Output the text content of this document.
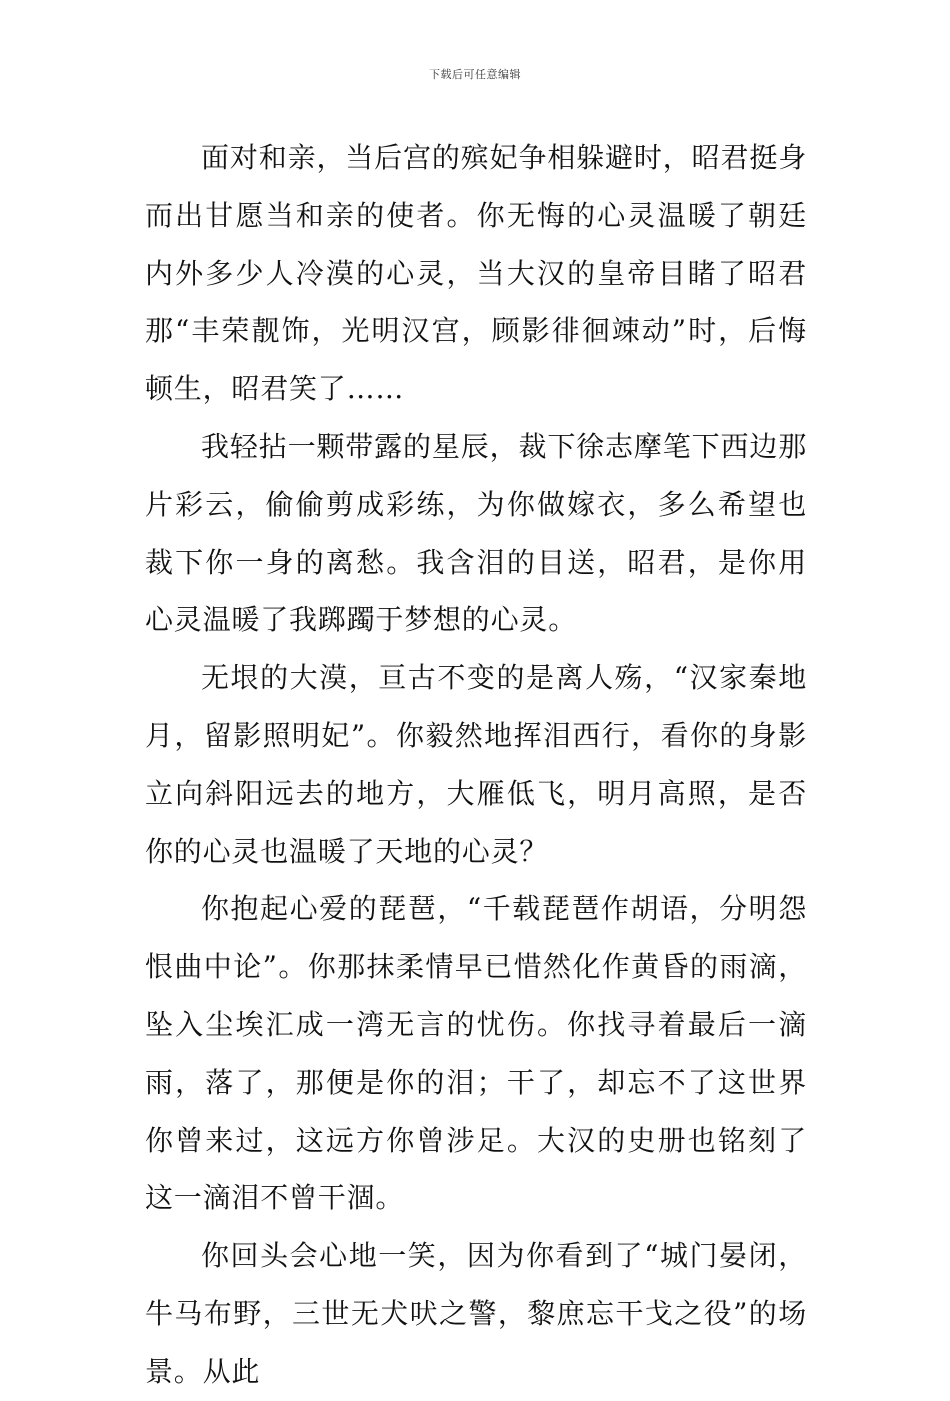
下载后可任意编辑

面对和亲，当后宫的殡妃争相躲避时，昭君挺身而出甘愿当和亲的使者。你无悔的心灵温暖了朝廷内外多少人冷漠的心灵，当大汉的皇帝目睹了昭君那“丰荣靓饰，光明汉宫，顾影徘徊竦动”时，后悔顿生，昭君笑了……

我轻拈一颗带露的星辰，裁下徐志摩笔下西边那片彩云，偷偷剪成彩练，为你做嫁衣，多么希望也裁下你一身的离愁。我含泪的目送，昭君，是你用心灵温暖了我踯躅于梦想的心灵。

无垠的大漠，亘古不变的是离人殇，“汉家秦地月，留影照明妃”。你毅然地挥泪西行，看你的身影立向斜阳远去的地方，大雁低飞，明月高照，是否你的心灵也温暖了天地的心灵？

你抱起心爱的琵琶，“千载琵琶作胡语，分明怨恨曲中论”。你那抹柔情早已惜然化作黄昏的雨滴，坠入尘埃汇成一湾无言的忧伤。你找寻着最后一滴雨，落了，那便是你的泪；干了，却忘不了这世界你曾来过，这远方你曾涉足。大汉的史册也铭刻了这一滴泪不曾干涸。

你回头会心地一笑，因为你看到了“城门晏闭，牛马布野，三世无犬吠之警，黎庶忘干戈之役”的场景。从此
